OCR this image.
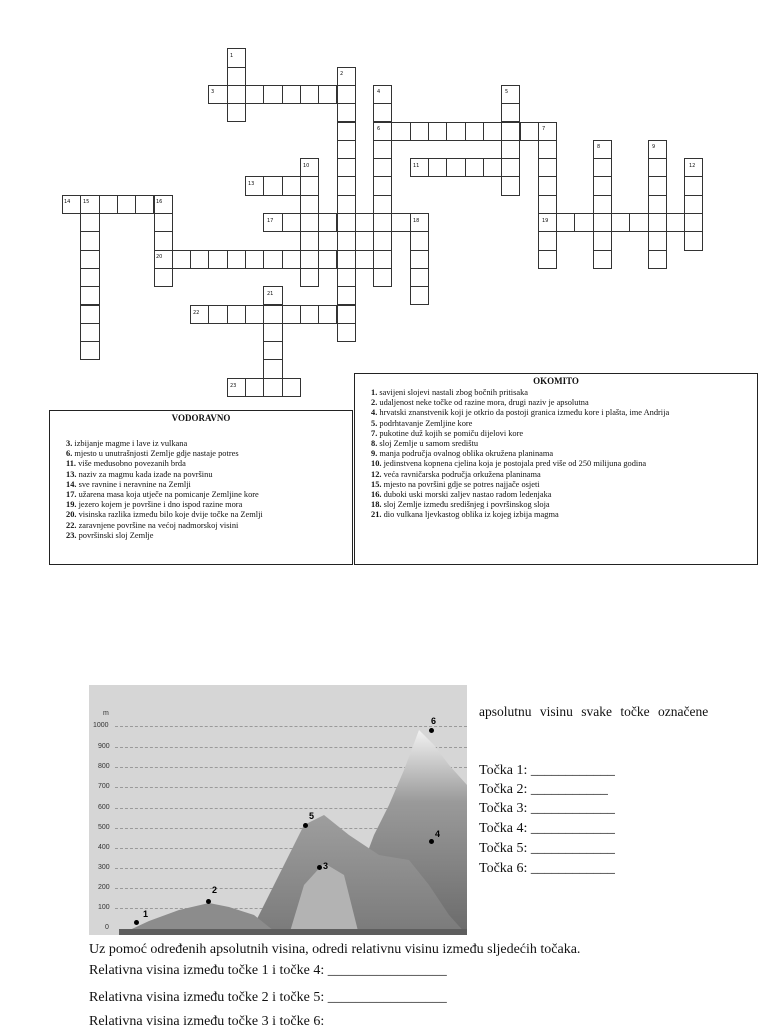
1
2
3	4	5
6	7
8	9
10	11	12
13
14	15	16
17	18	19
20
21
22
23
VODORAVNO
3. izbijanje magme i lave iz vulkana
6. mjesto u unutrašnjosti Zemlje gdje nastaje potres
11. više međusobno povezanih brda
13. naziv za magmu kada izađe na površinu
14. sve ravnine i neravnine na Zemlji
17. užarena masa koja utječe na pomicanje Zemljine kore
19. jezero kojem je površine i dno ispod razine mora
20. visinska razlika između bilo koje dvije točke na Zemlji
22. zaravnjene površine na većoj nadmorskoj visini
23. površinski sloj Zemlje
OKOMITO
1. savijeni slojevi nastali zbog bočnih pritisaka
2. udaljenost neke točke od razine mora, drugi naziv je apsolutna
4. hrvatski znanstvenik koji je otkrio da postoji granica između kore i plašta, ime Andrija
5. podrhtavanje Zemljine kore
7. pukotine duž kojih se pomiču dijelovi kore
8. sloj Zemlje u samom središtu
9. manja područja ovalnog oblika okružena planinama
10. jedinstvena kopnena cjelina koja je postojala pred više od 250 milijuna godina
12. veća ravničarska područja orkužena planinama
15. mjesto na površini gdje se potres najjače osjeti
16. duboki uski morski zaljev nastao radom ledenjaka
18. sloj Zemlje između središnjeg i površinskog sloja
21. dio vulkana ljevkastog oblika iz kojeg izbija magma
m
1000
900
800
700
600
500
400
300
200
100
0
1
2
3
4
5
6
apsolutnu visinu svake točke označene
Točka 1: ____________
Točka 2: ___________
Točka 3: ____________
Točka 4: ____________
Točka 5: ____________
Točka 6: ____________
Uz pomoć određenih apsolutnih visina, odredi relativnu visinu između sljedećih točaka.
Relativna visina između točke 1 i točke 4: _________________
Relativna visina između točke 2 i točke 5: _________________
Relativna visina između točke 3 i točke 6:
